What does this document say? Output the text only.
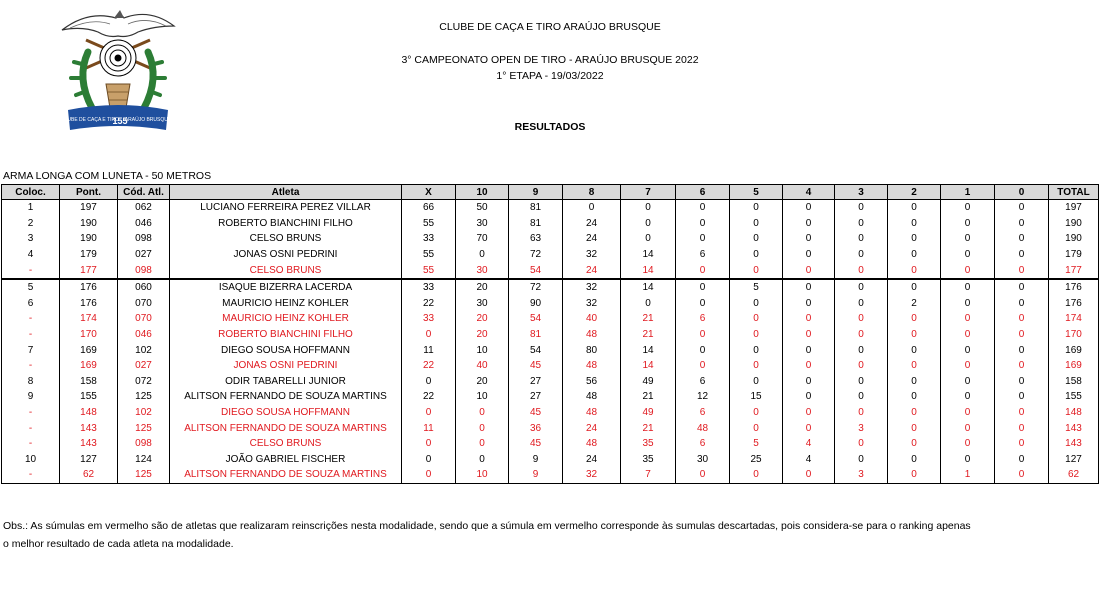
CLUBE DE CAÇA E TIRO
155
ARAÚJO BRUSQUE
CLUBE DE CAÇA E TIRO ARAÚJO BRUSQUE
3° CAMPEONATO OPEN DE TIRO - ARAÚJO BRUSQUE 2022
1° ETAPA - 19/03/2022
RESULTADOS
ARMA LONGA COM LUNETA - 50 METROS
Coloc.	Pont.	Cód. Atl.	Atleta	X	10	9	8	7	6	5	4	3	2	1	0	TOTAL
1	197	062	LUCIANO FERREIRA PEREZ VILLAR	66	50	81	0	0	0	0	0	0	0	0	0	197
2	190	046	ROBERTO BIANCHINI FILHO	55	30	81	24	0	0	0	0	0	0	0	0	190
3	190	098	CELSO BRUNS	33	70	63	24	0	0	0	0	0	0	0	0	190
4	179	027	JONAS OSNI PEDRINI	55	0	72	32	14	6	0	0	0	0	0	0	179
-	177	098	CELSO BRUNS	55	30	54	24	14	0	0	0	0	0	0	0	177
5	176	060	ISAQUE BIZERRA LACERDA	33	20	72	32	14	0	5	0	0	0	0	0	176
6	176	070	MAURICIO HEINZ KOHLER	22	30	90	32	0	0	0	0	0	2	0	0	176
-	174	070	MAURICIO HEINZ KOHLER	33	20	54	40	21	6	0	0	0	0	0	0	174
-	170	046	ROBERTO BIANCHINI FILHO	0	20	81	48	21	0	0	0	0	0	0	0	170
7	169	102	DIEGO SOUSA HOFFMANN	11	10	54	80	14	0	0	0	0	0	0	0	169
-	169	027	JONAS OSNI PEDRINI	22	40	45	48	14	0	0	0	0	0	0	0	169
8	158	072	ODIR TABARELLI JUNIOR	0	20	27	56	49	6	0	0	0	0	0	0	158
9	155	125	ALITSON FERNANDO DE SOUZA MARTINS	22	10	27	48	21	12	15	0	0	0	0	0	155
-	148	102	DIEGO SOUSA HOFFMANN	0	0	45	48	49	6	0	0	0	0	0	0	148
-	143	125	ALITSON FERNANDO DE SOUZA MARTINS	11	0	36	24	21	48	0	0	3	0	0	0	143
-	143	098	CELSO BRUNS	0	0	45	48	35	6	5	4	0	0	0	0	143
10	127	124	JOÃO GABRIEL FISCHER	0	0	9	24	35	30	25	4	0	0	0	0	127
-	62	125	ALITSON FERNANDO DE SOUZA MARTINS	0	10	9	32	7	0	0	0	3	0	1	0	62
Obs.: As súmulas em vermelho são de atletas que realizaram reinscrições nesta modalidade, sendo que a súmula em vermelho corresponde às sumulas descartadas, pois considera-se para o ranking apenas
o melhor resultado de cada atleta na modalidade.
